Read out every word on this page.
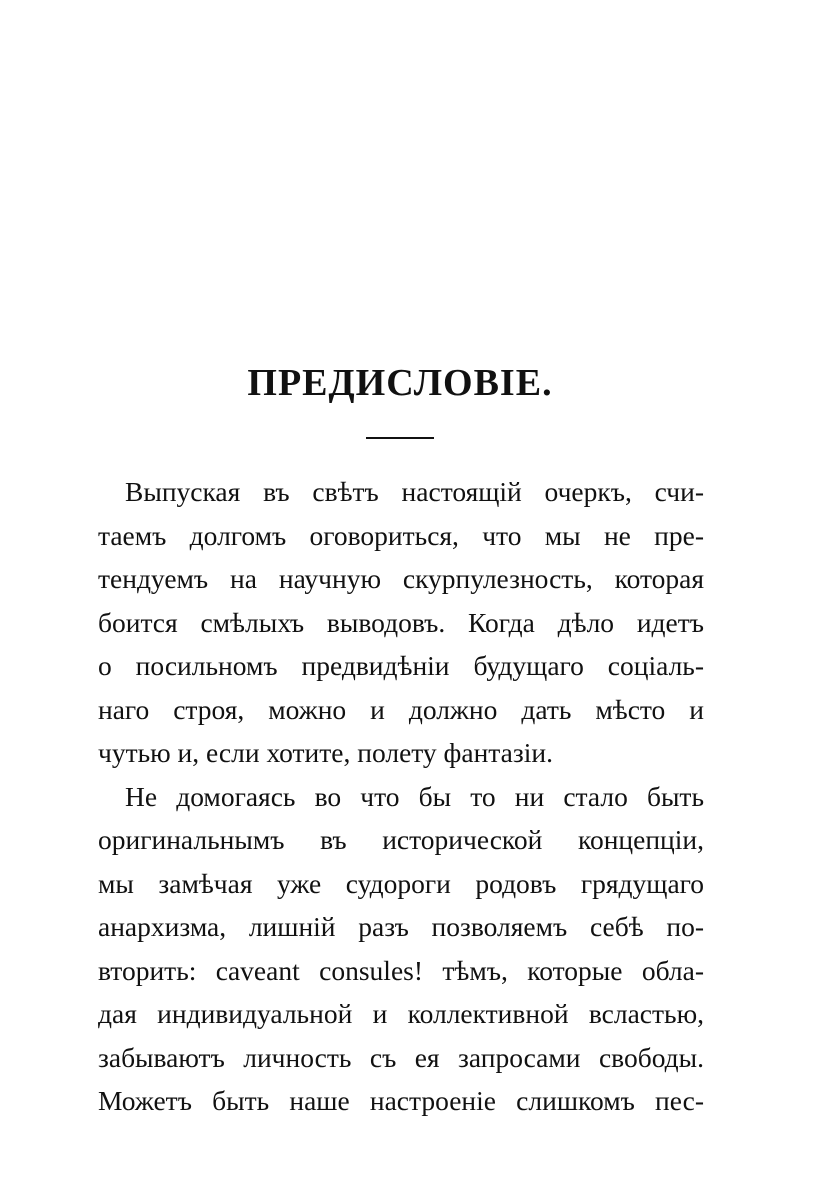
ПРЕДИСЛОВІЕ.
Выпуская въ свѣтъ настоящій очеркъ, счи-
таемъ долгомъ оговориться, что мы не пре-
тендуемъ на научную скурпулезность, которая
боится смѣлыхъ выводовъ. Когда дѣло идетъ
о посильномъ предвидѣніи будущаго соціаль-
наго строя, можно и должно дать мѣсто и
чутью и, если хотите, полету фантазіи.
Не домогаясь во что бы то ни стало быть
оригинальнымъ въ исторической концепціи,
мы замѣчая уже судороги родовъ грядущаго
анархизма, лишній разъ позволяемъ себѣ по-
вторить: caveant consules! тѣмъ, которые обла-
дая индивидуальной и коллективной всластью,
забываютъ личность съ ея запросами свободы.
Можетъ быть наше настроеніе слишкомъ пес-
